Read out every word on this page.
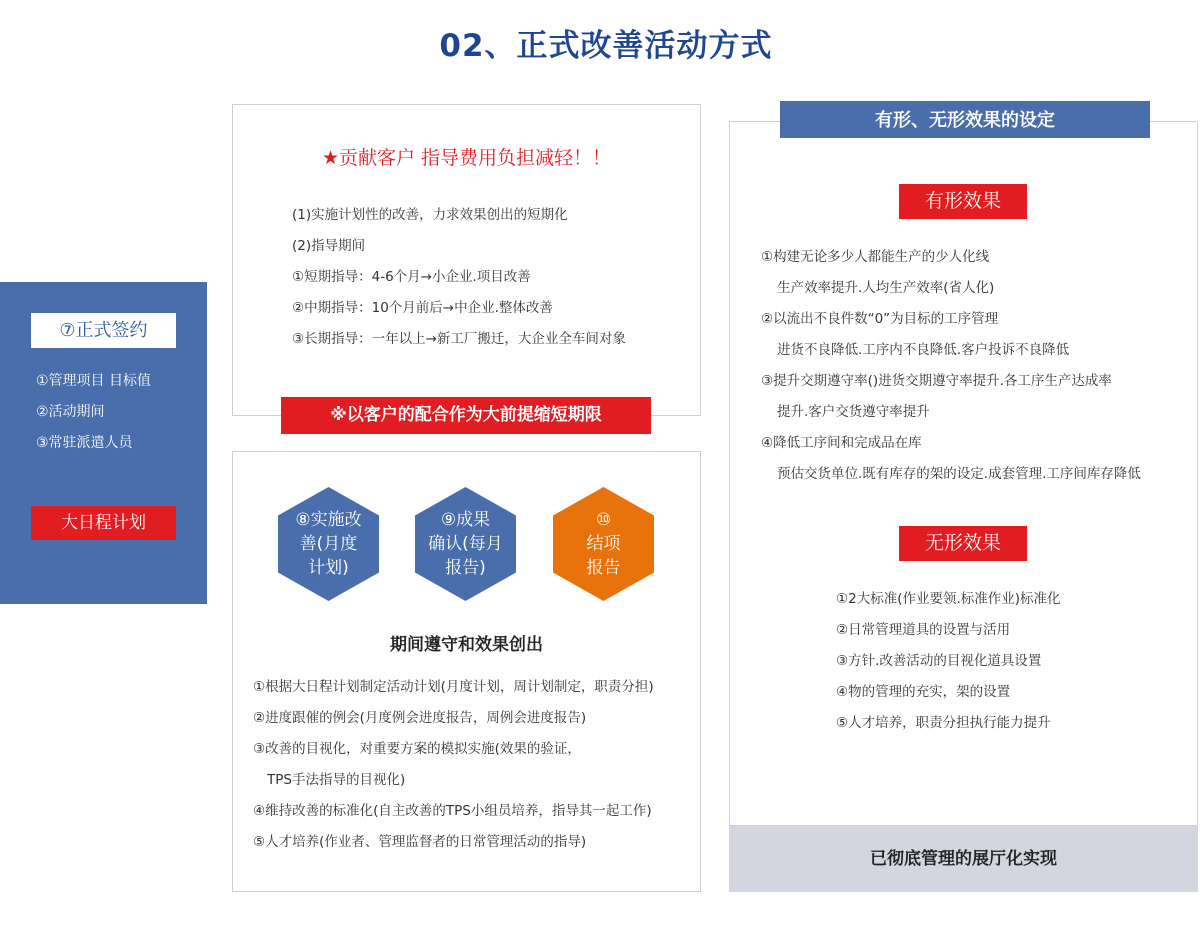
02、正式改善活动方式
⑦正式签约
①管理项目 目标值
②活动期间
③常驻派遣人员
大日程计划
★贡献客户 指导费用负担减轻！！
(1)实施计划性的改善，力求效果创出的短期化
(2)指导期间
①短期指导：4-6个月→小企业.项目改善
②中期指导：10个月前后→中企业.整体改善
③长期指导：一年以上→新工厂搬迁，大企业全车间对象
※以客户的配合作为大前提缩短期限
⑧实施改
善(月度
计划)
⑨成果
确认(每月
报告)
⑩
结项
报告
期间遵守和效果创出
①根据大日程计划制定活动计划(月度计划，周计划制定，职责分担)
②进度跟催的例会(月度例会进度报告，周例会进度报告)
③改善的目视化，对重要方案的模拟实施(效果的验证，
TPS手法指导的目视化)
④维持改善的标准化(自主改善的TPS小组员培养，指导其一起工作)
⑤人才培养(作业者、管理监督者的日常管理活动的指导)
有形、无形效果的设定
有形效果
①构建无论多少人都能生产的少人化线
生产效率提升.人均生产效率(省人化)
②以流出不良件数“0”为目标的工序管理
进货不良降低.工序内不良降低.客户投诉不良降低
③提升交期遵守率()进货交期遵守率提升.各工序生产达成率
提升.客户交货遵守率提升
④降低工序间和完成品在库
预估交货单位.既有库存的架的设定.成套管理.工序间库存降低
无形效果
①2大标准(作业要领.标准作业)标准化
②日常管理道具的设置与活用
③方针.改善活动的目视化道具设置
④物的管理的充实，架的设置
⑤人才培养，职责分担执行能力提升
已彻底管理的展厅化实现
